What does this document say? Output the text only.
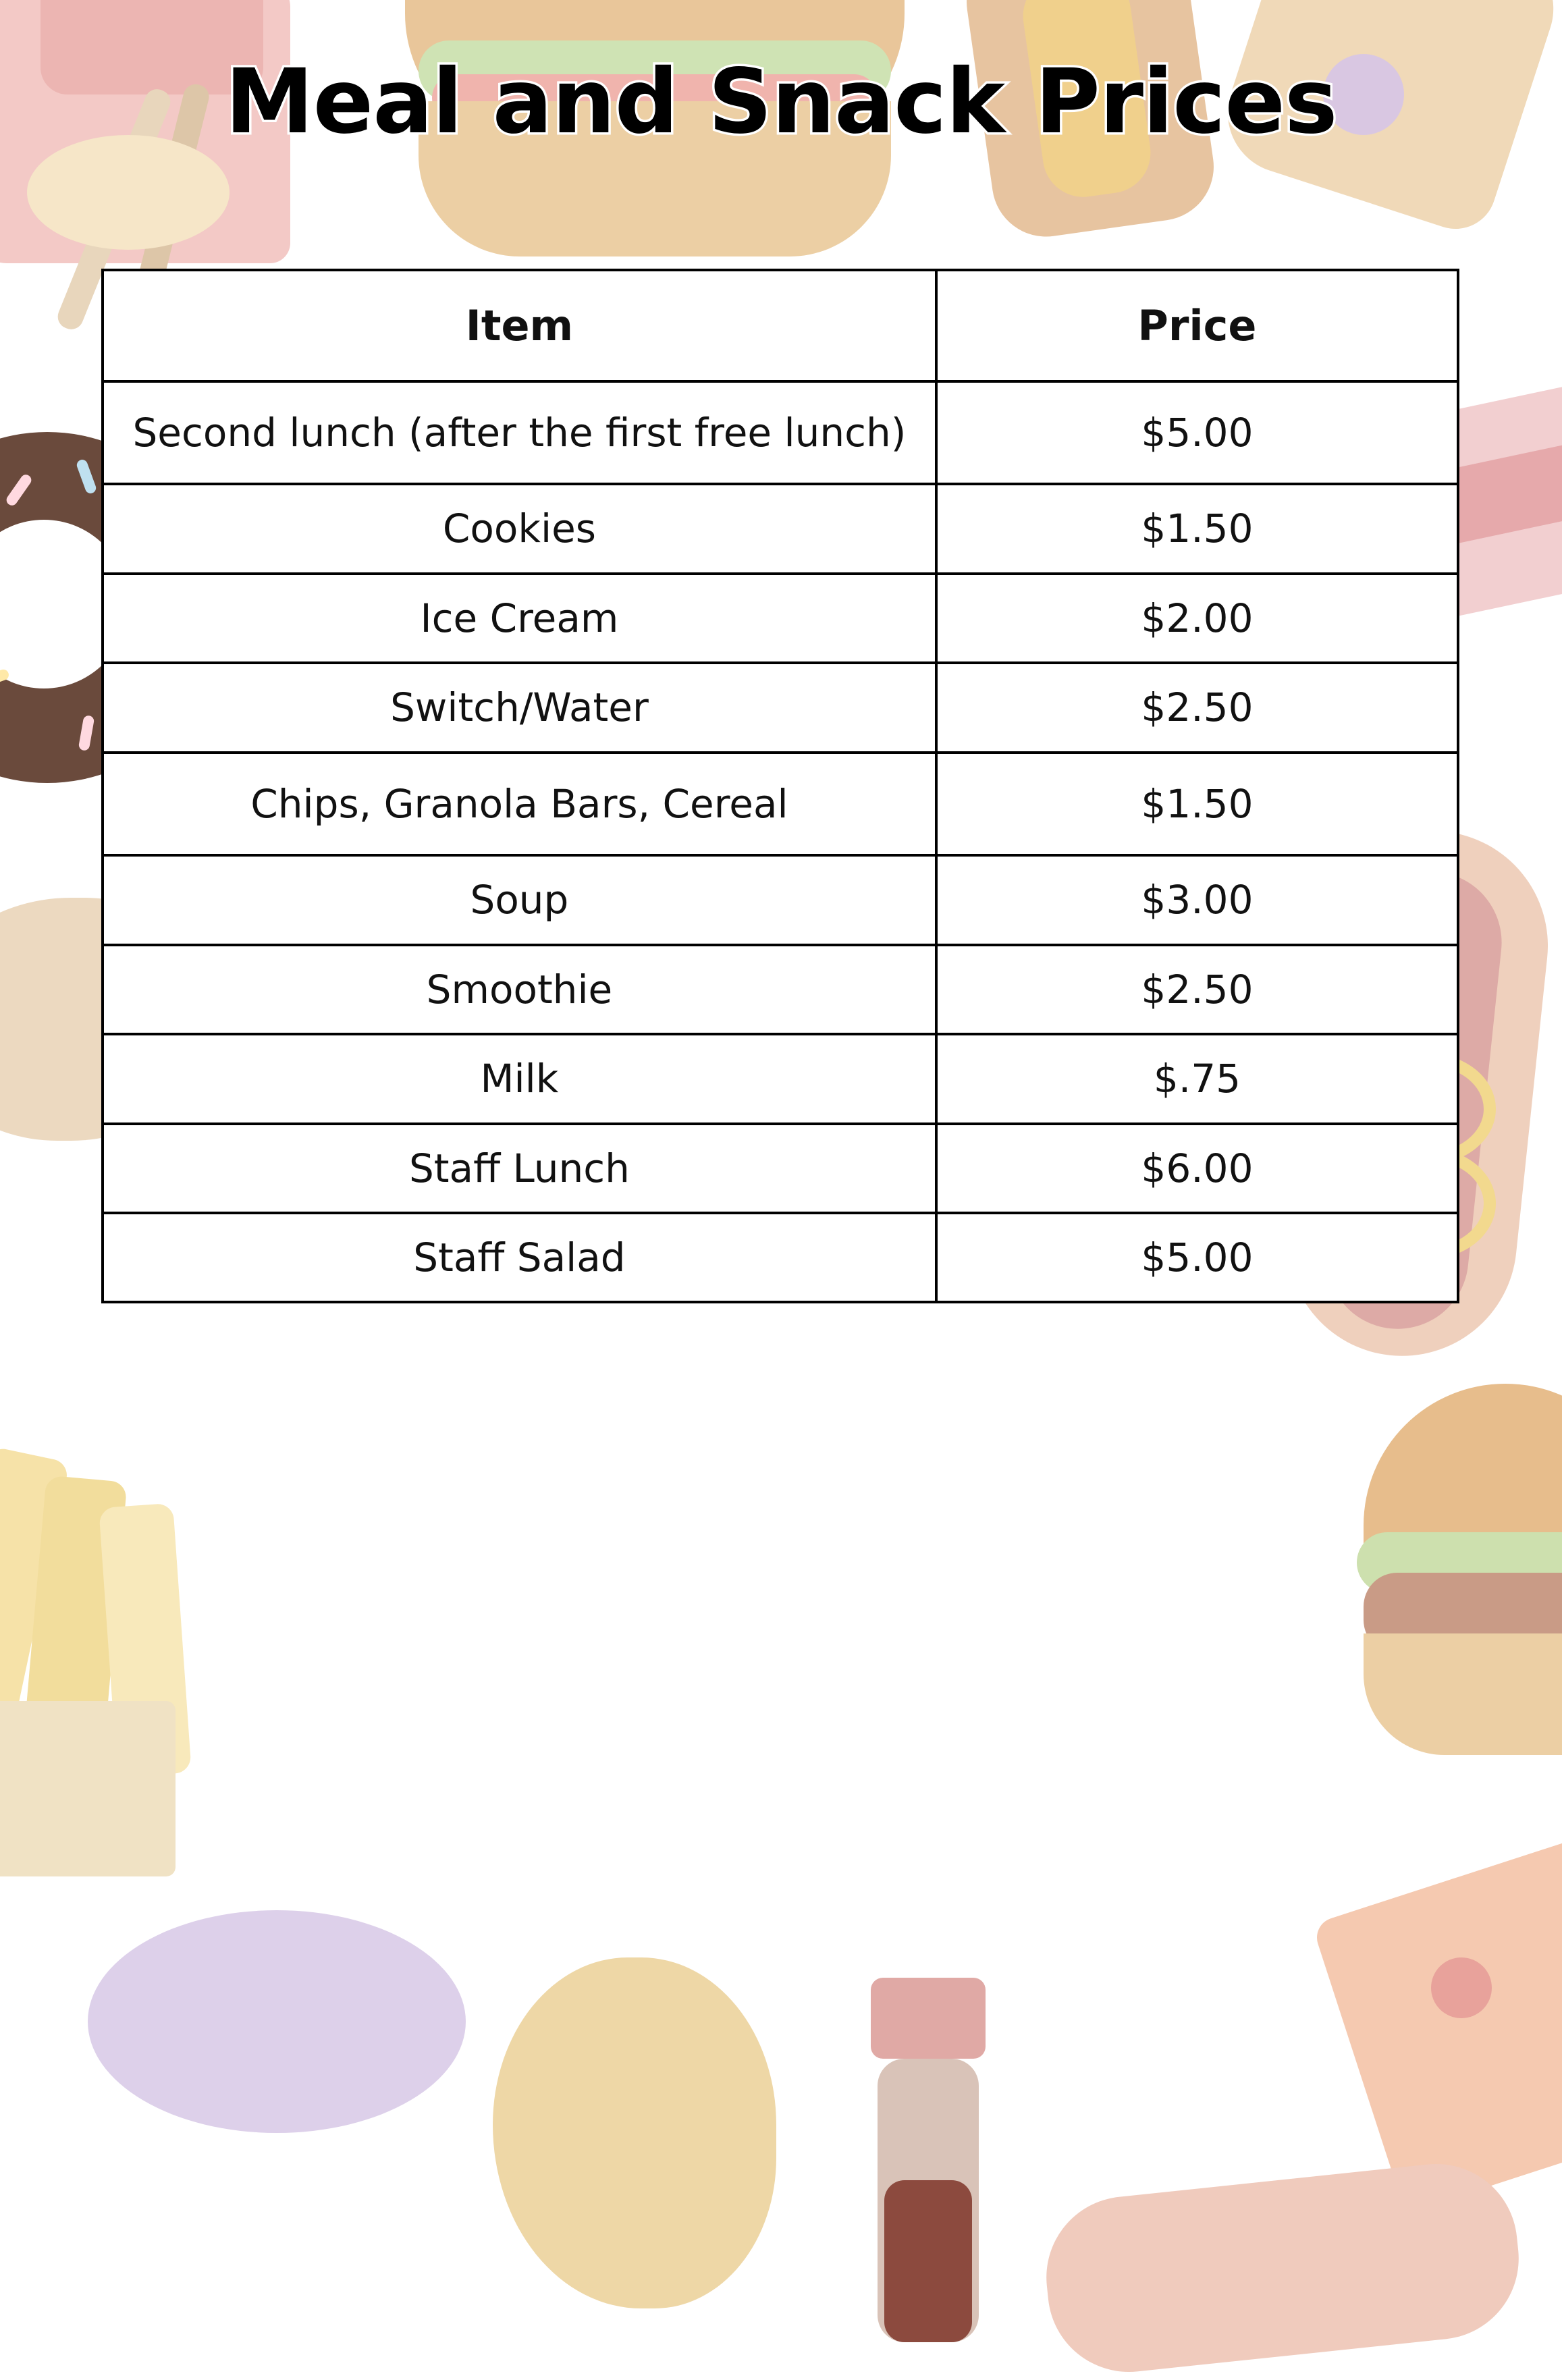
Meal and Snack Prices
Item	Price
Second lunch (after the first free lunch)	$5.00
Cookies	$1.50
Ice Cream	$2.00
Switch/Water	$2.50
Chips, Granola Bars, Cereal	$1.50
Soup	$3.00
Smoothie	$2.50
Milk	$.75
Staff Lunch	$6.00
Staff Salad	$5.00
